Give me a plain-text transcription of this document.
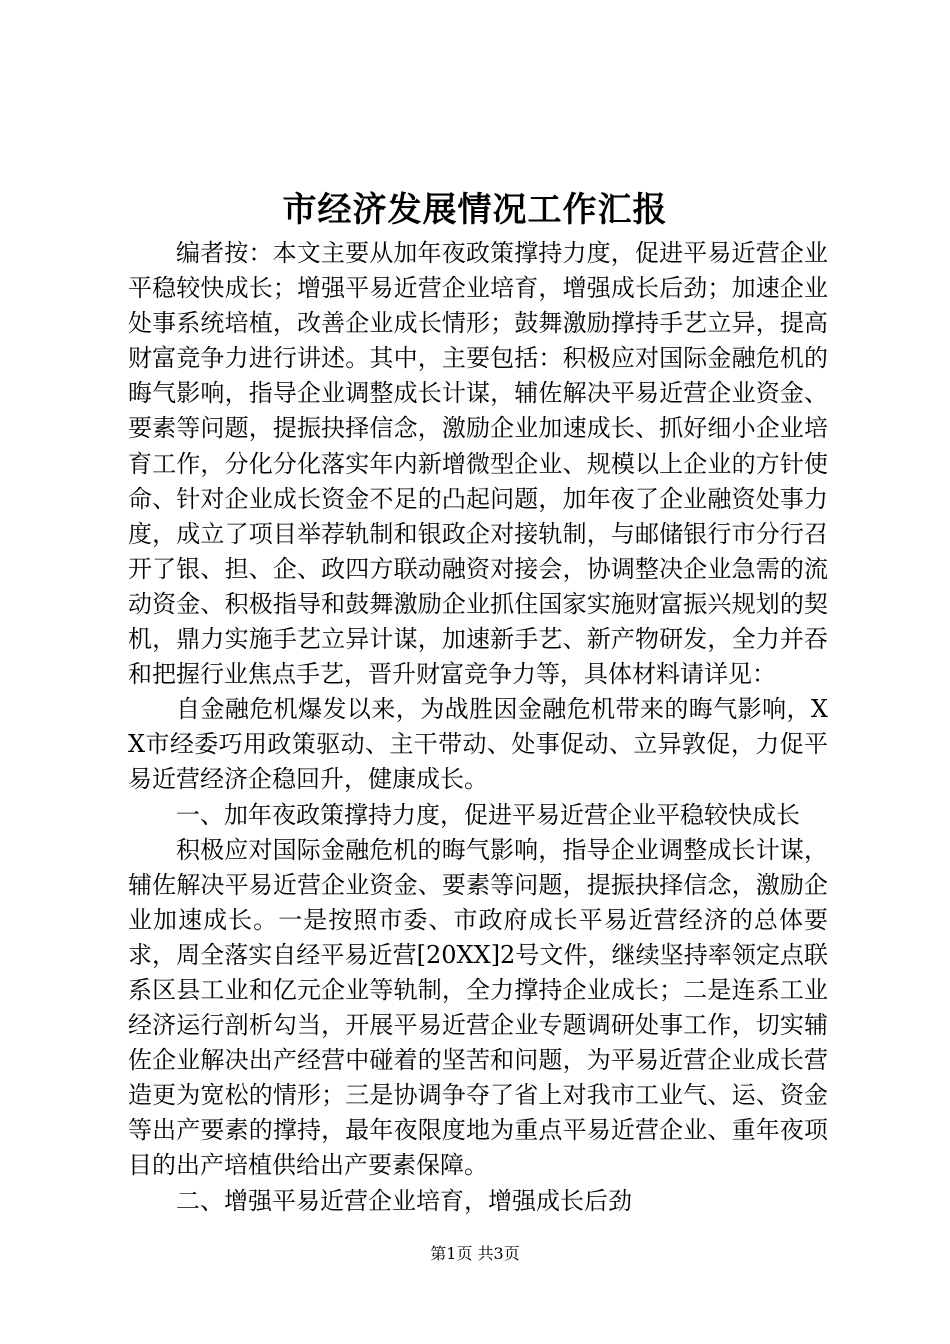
市经济发展情况工作汇报

编者按：本文主要从加年夜政策撑持力度，促进平易近营企业平稳较快成长；增强平易近营企业培育，增强成长后劲；加速企业处事系统培植，改善企业成长情形；鼓舞激励撑持手艺立异，提高财富竞争力进行讲述。其中，主要包括：积极应对国际金融危机的晦气影响，指导企业调整成长计谋，辅佐解决平易近营企业资金、要素等问题，提振抉择信念，激励企业加速成长、抓好细小企业培育工作，分化分化落实年内新增微型企业、规模以上企业的方针使命、针对企业成长资金不足的凸起问题，加年夜了企业融资处事力度，成立了项目举荐轨制和银政企对接轨制，与邮储银行市分行召开了银、担、企、政四方联动融资对接会，协调整决企业急需的流动资金、积极指导和鼓舞激励企业抓住国家实施财富振兴规划的契机，鼎力实施手艺立异计谋，加速新手艺、新产物研发，全力并吞和把握行业焦点手艺，晋升财富竞争力等，具体材料请详见：

自金融危机爆发以来，为战胜因金融危机带来的晦气影响，XX市经委巧用政策驱动、主干带动、处事促动、立异敦促，力促平易近营经济企稳回升，健康成长。

一、加年夜政策撑持力度，促进平易近营企业平稳较快成长

积极应对国际金融危机的晦气影响，指导企业调整成长计谋，辅佐解决平易近营企业资金、要素等问题，提振抉择信念，激励企业加速成长。一是按照市委、市政府成长平易近营经济的总体要求，周全落实自经平易近营[20XX]2号文件，继续坚持率领定点联系区县工业和亿元企业等轨制，全力撑持企业成长；二是连系工业经济运行剖析勾当，开展平易近营企业专题调研处事工作，切实辅佐企业解决出产经营中碰着的坚苦和问题，为平易近营企业成长营造更为宽松的情形；三是协调争夺了省上对我市工业气、运、资金等出产要素的撑持，最年夜限度地为重点平易近营企业、重年夜项目的出产培植供给出产要素保障。

二、增强平易近营企业培育，增强成长后劲

第1页 共3页
